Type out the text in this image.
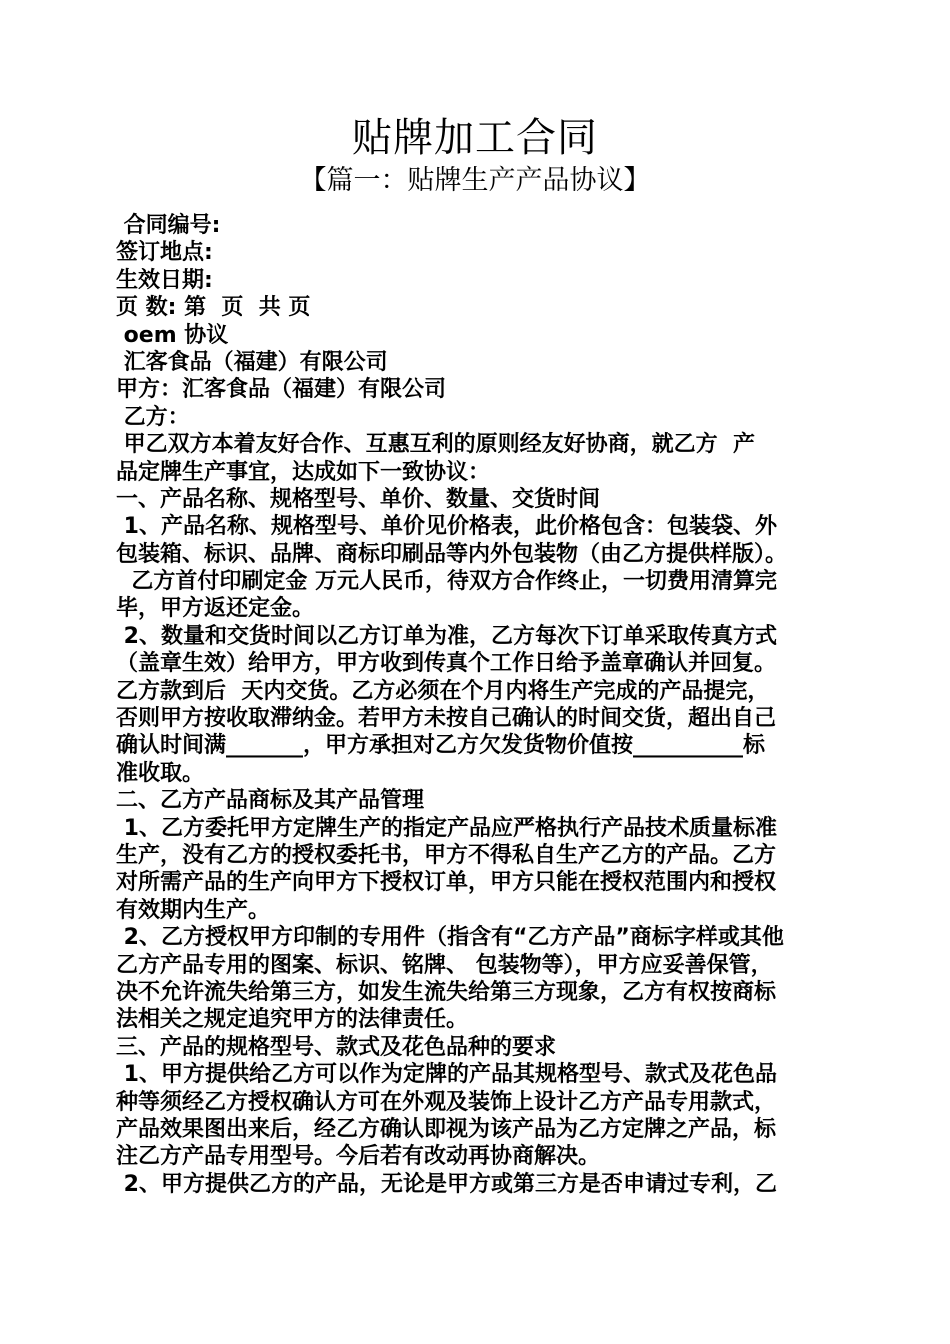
贴牌加工合同
【篇一：贴牌生产产品协议】
合同编号:
签订地点:
生效日期:
页 数: 第  页  共 页
oem 协议
汇客食品（福建）有限公司
甲方：汇客食品（福建）有限公司
乙方：
甲乙双方本着友好合作、互惠互利的原则经友好协商，就乙方  产
品定牌生产事宜，达成如下一致协议：
一、产品名称、规格型号、单价、数量、交货时间
1、产品名称、规格型号、单价见价格表，此价格包含：包装袋、外
包装箱、标识、品牌、商标印刷品等内外包装物（由乙方提供样版）。
乙方首付印刷定金 万元人民币，待双方合作终止，一切费用清算完
毕，甲方返还定金。
2、数量和交货时间以乙方订单为准，乙方每次下订单采取传真方式
（盖章生效）给甲方，甲方收到传真个工作日给予盖章确认并回复。
乙方款到后  天内交货。乙方必须在个月内将生产完成的产品提完，
否则甲方按收取滞纳金。若甲方未按自己确认的时间交货，超出自己
确认时间满_______，甲方承担对乙方欠发货物价值按__________标
准收取。
二、乙方产品商标及其产品管理
1、乙方委托甲方定牌生产的指定产品应严格执行产品技术质量标准
生产，没有乙方的授权委托书，甲方不得私自生产乙方的产品。乙方
对所需产品的生产向甲方下授权订单，甲方只能在授权范围内和授权
有效期内生产。
2、乙方授权甲方印制的专用件（指含有“乙方产品”商标字样或其他
乙方产品专用的图案、标识、铭牌、 包装物等），甲方应妥善保管，
决不允许流失给第三方，如发生流失给第三方现象，乙方有权按商标
法相关之规定追究甲方的法律责任。
三、产品的规格型号、款式及花色品种的要求
1、甲方提供给乙方可以作为定牌的产品其规格型号、款式及花色品
种等须经乙方授权确认方可在外观及装饰上设计乙方产品专用款式，
产品效果图出来后，经乙方确认即视为该产品为乙方定牌之产品，标
注乙方产品专用型号。今后若有改动再协商解决。
2、甲方提供乙方的产品，无论是甲方或第三方是否申请过专利，乙
